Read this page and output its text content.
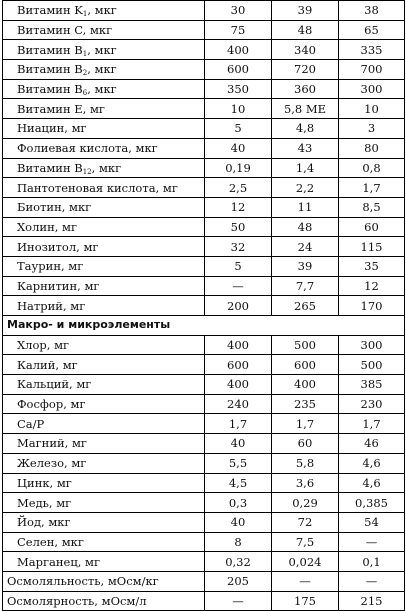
Витамин $K_1$, мкг	30	39	38
Витамин C, мкг	75	48	65
Витамин $B_1$, мкг	400	340	335
Витамин $B_2$, мкг	600	720	700
Витамин $B_6$, мкг	350	360	300
Витамин E, мг	10	5,8 МЕ	10
Ниацин, мг	5	4,8	3
Фолиевая кислота, мкг	40	43	80
Витамин $B_{12}$, мкг	0,19	1,4	0,8
Пантотеновая кислота, мг	2,5	2,2	1,7
Биотин, мкг	12	11	8,5
Холин, мг	50	48	60
Инозитол, мг	32	24	115
Таурин, мг	5	39	35
Карнитин, мг	—	7,7	12
Натрий, мг	200	265	170
Макро- и микроэлементы			
Хлор, мг	400	500	300
Калий, мг	600	600	500
Кальций, мг	400	400	385
Фосфор, мг	240	235	230
Ca/P	1,7	1,7	1,7
Магний, мг	40	60	46
Железо, мг	5,5	5,8	4,6
Цинк, мг	4,5	3,6	4,6
Медь, мг	0,3	0,29	0,385
Йод, мкг	40	72	54
Селен, мкг	8	7,5	—
Марганец, мг	0,32	0,024	0,1
Осмоляльность, мОсм/кг	205	—	—
Осмолярность, мОсм/л	—	175	215
